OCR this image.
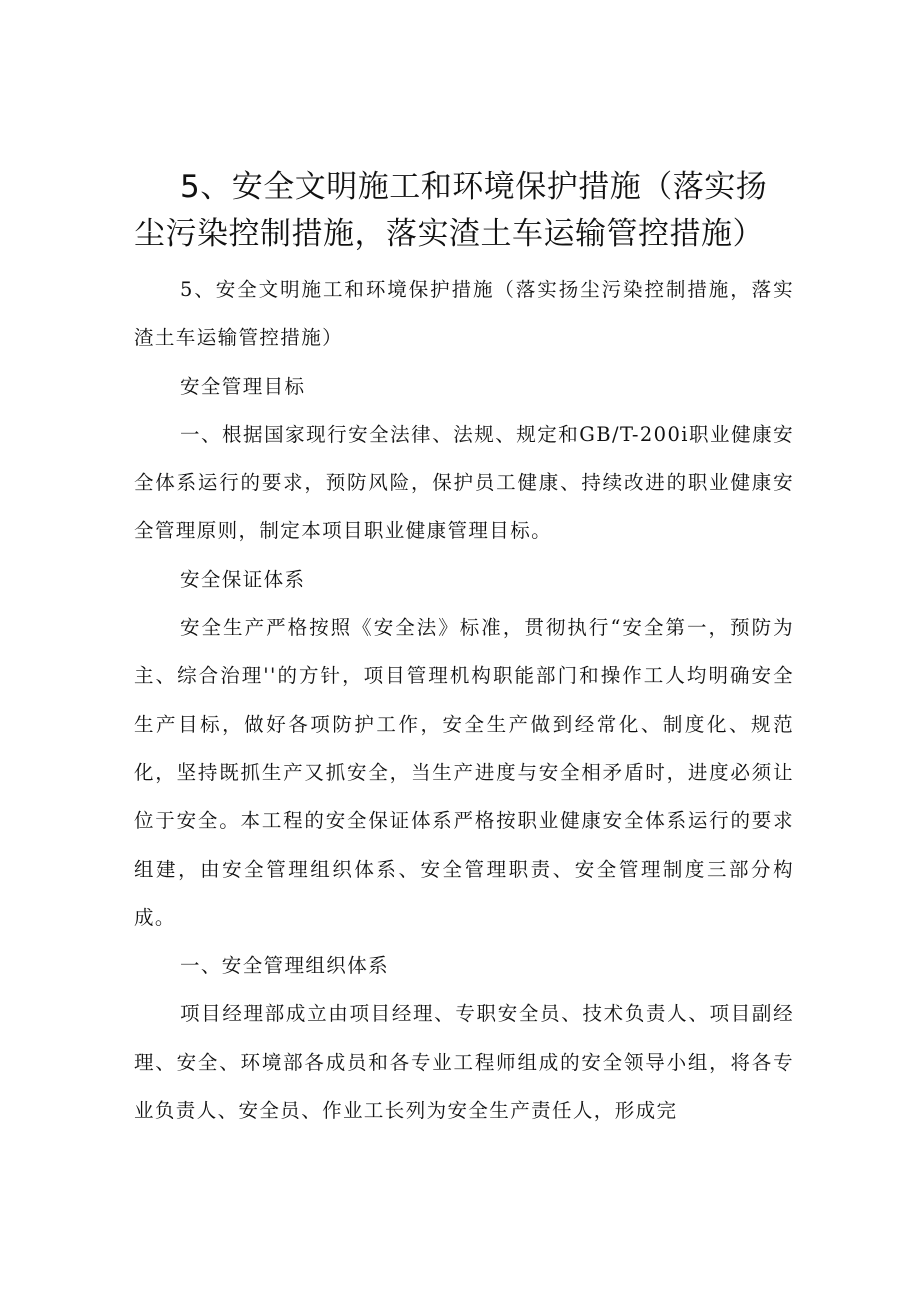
5、安全文明施工和环境保护措施（落实扬尘污染控制措施，落实渣土车运输管控措施）

5、安全文明施工和环境保护措施（落实扬尘污染控制措施，落实渣土车运输管控措施）

安全管理目标

一、根据国家现行安全法律、法规、规定和GB/T-200i职业健康安全体系运行的要求，预防风险，保护员工健康、持续改进的职业健康安全管理原则，制定本项目职业健康管理目标。

安全保证体系

安全生产严格按照《安全法》标准，贯彻执行“安全第一，预防为主、综合治理''的方针，项目管理机构职能部门和操作工人均明确安全生产目标，做好各项防护工作，安全生产做到经常化、制度化、规范化，坚持既抓生产又抓安全，当生产进度与安全相矛盾时，进度必须让位于安全。本工程的安全保证体系严格按职业健康安全体系运行的要求组建，由安全管理组织体系、安全管理职责、安全管理制度三部分构成。

一、安全管理组织体系

项目经理部成立由项目经理、专职安全员、技术负责人、项目副经理、安全、环境部各成员和各专业工程师组成的安全领导小组，将各专业负责人、安全员、作业工长列为安全生产责任人，形成完
